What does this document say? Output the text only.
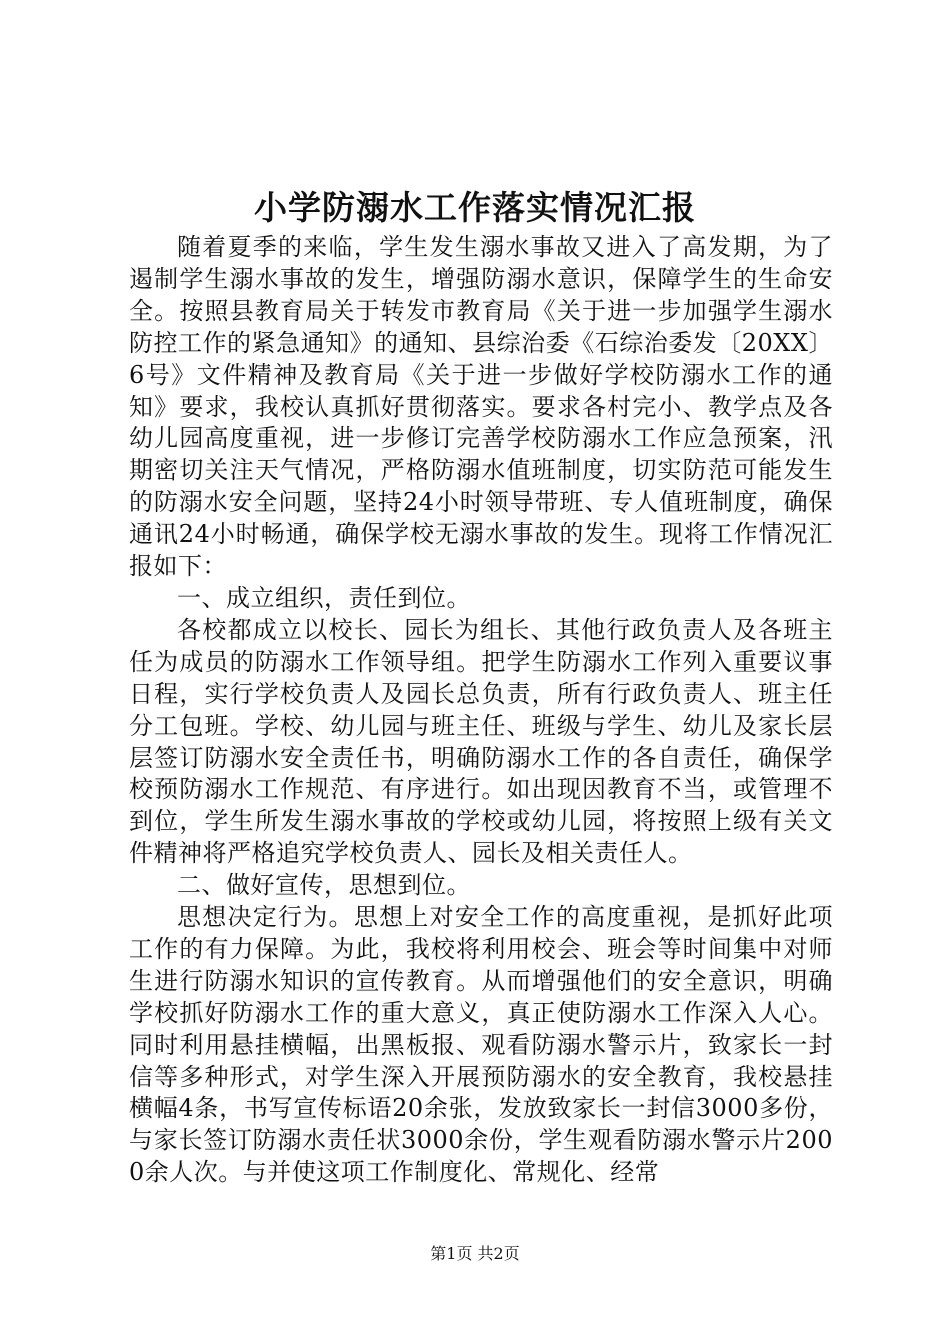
小学防溺水工作落实情况汇报

随着夏季的来临，学生发生溺水事故又进入了高发期，为了遏制学生溺水事故的发生，增强防溺水意识，保障学生的生命安全。按照县教育局关于转发市教育局《关于进一步加强学生溺水防控工作的紧急通知》的通知、县综治委《石综治委发〔20XX〕6号》文件精神及教育局《关于进一步做好学校防溺水工作的通知》要求，我校认真抓好贯彻落实。要求各村完小、教学点及各幼儿园高度重视，进一步修订完善学校防溺水工作应急预案，汛期密切关注天气情况，严格防溺水值班制度，切实防范可能发生的防溺水安全问题，坚持24小时领导带班、专人值班制度，确保通讯24小时畅通，确保学校无溺水事故的发生。现将工作情况汇报如下：

一、成立组织，责任到位。

各校都成立以校长、园长为组长、其他行政负责人及各班主任为成员的防溺水工作领导组。把学生防溺水工作列入重要议事日程，实行学校负责人及园长总负责，所有行政负责人、班主任分工包班。学校、幼儿园与班主任、班级与学生、幼儿及家长层层签订防溺水安全责任书，明确防溺水工作的各自责任，确保学校预防溺水工作规范、有序进行。如出现因教育不当，或管理不到位，学生所发生溺水事故的学校或幼儿园，将按照上级有关文件精神将严格追究学校负责人、园长及相关责任人。

二、做好宣传，思想到位。

思想决定行为。思想上对安全工作的高度重视，是抓好此项工作的有力保障。为此，我校将利用校会、班会等时间集中对师生进行防溺水知识的宣传教育。从而增强他们的安全意识，明确学校抓好防溺水工作的重大意义，真正使防溺水工作深入人心。同时利用悬挂横幅，出黑板报、观看防溺水警示片，致家长一封信等多种形式，对学生深入开展预防溺水的安全教育，我校悬挂横幅4条，书写宣传标语20余张，发放致家长一封信3000多份，与家长签订防溺水责任状3000余份，学生观看防溺水警示片2000余人次。与并使这项工作制度化、常规化、经常

第1页 共2页
